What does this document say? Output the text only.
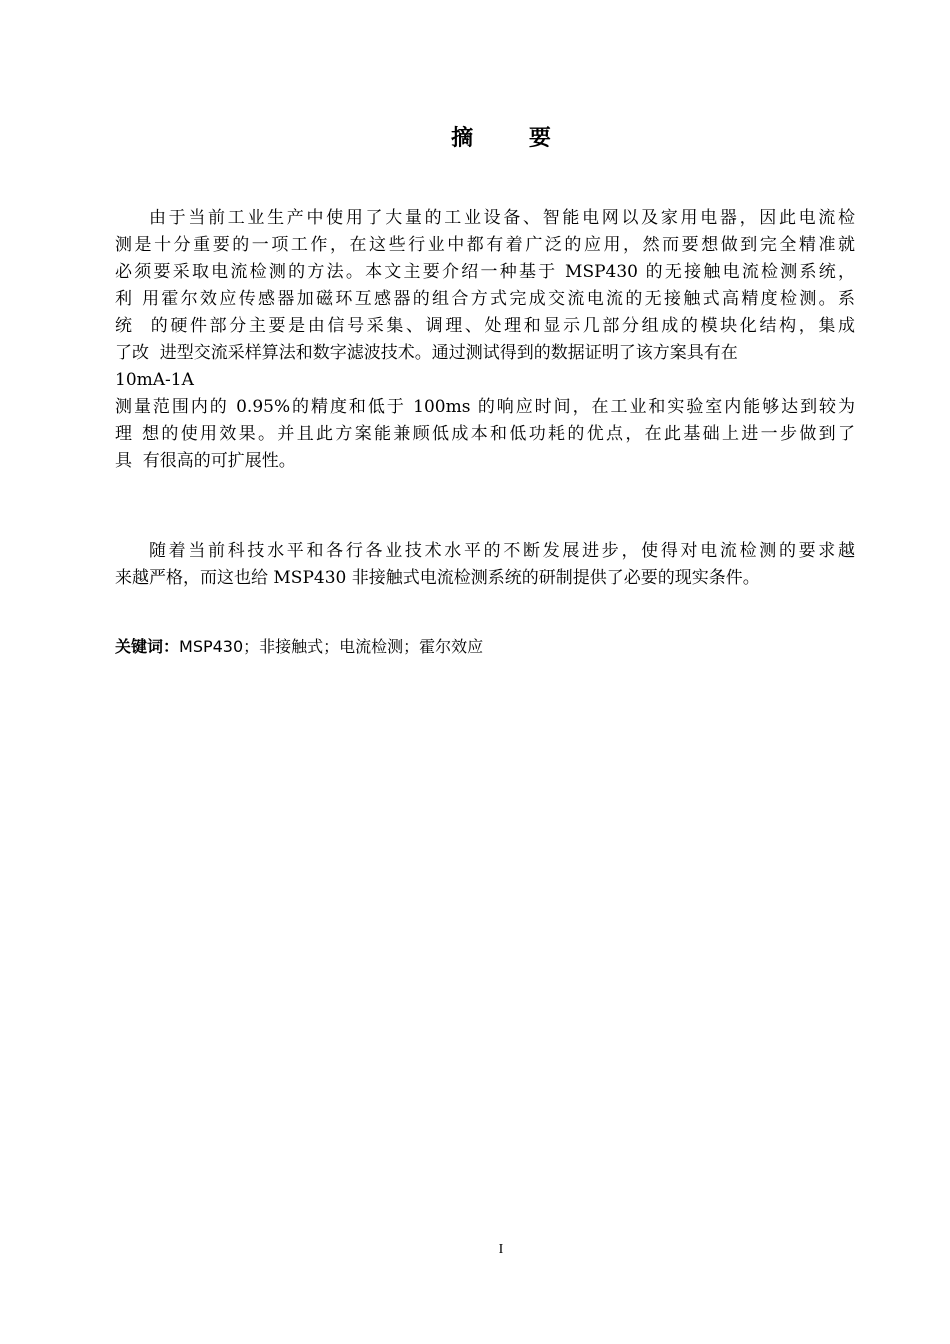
摘 要
由于当前工业生产中使用了大量的工业设备、智能电网以及家用电器，因此电流检
测是十分重要的一项工作，在这些行业中都有着广泛的应用，然而要想做到完全精准就
必须要采取电流检测的方法。本文主要介绍一种基于 MSP430 的无接触电流检测系统，
利 用霍尔效应传感器加磁环互感器的组合方式完成交流电流的无接触式高精度检测。系
统  的硬件部分主要是由信号采集、调理、处理和显示几部分组成的模块化结构，集成
了改  进型交流采样算法和数字滤波技术。通过测试得到的数据证明了该方案具有在
10mA-1A
测量范围内的 0.95%的精度和低于 100ms 的响应时间，在工业和实验室内能够达到较为
理 想的使用效果。并且此方案能兼顾低成本和低功耗的优点，在此基础上进一步做到了
具  有很高的可扩展性。
随着当前科技水平和各行各业技术水平的不断发展进步，使得对电流检测的要求越
来越严格，而这也给 MSP430 非接触式电流检测系统的研制提供了必要的现实条件。
关键词：MSP430；非接触式；电流检测；霍尔效应
I
